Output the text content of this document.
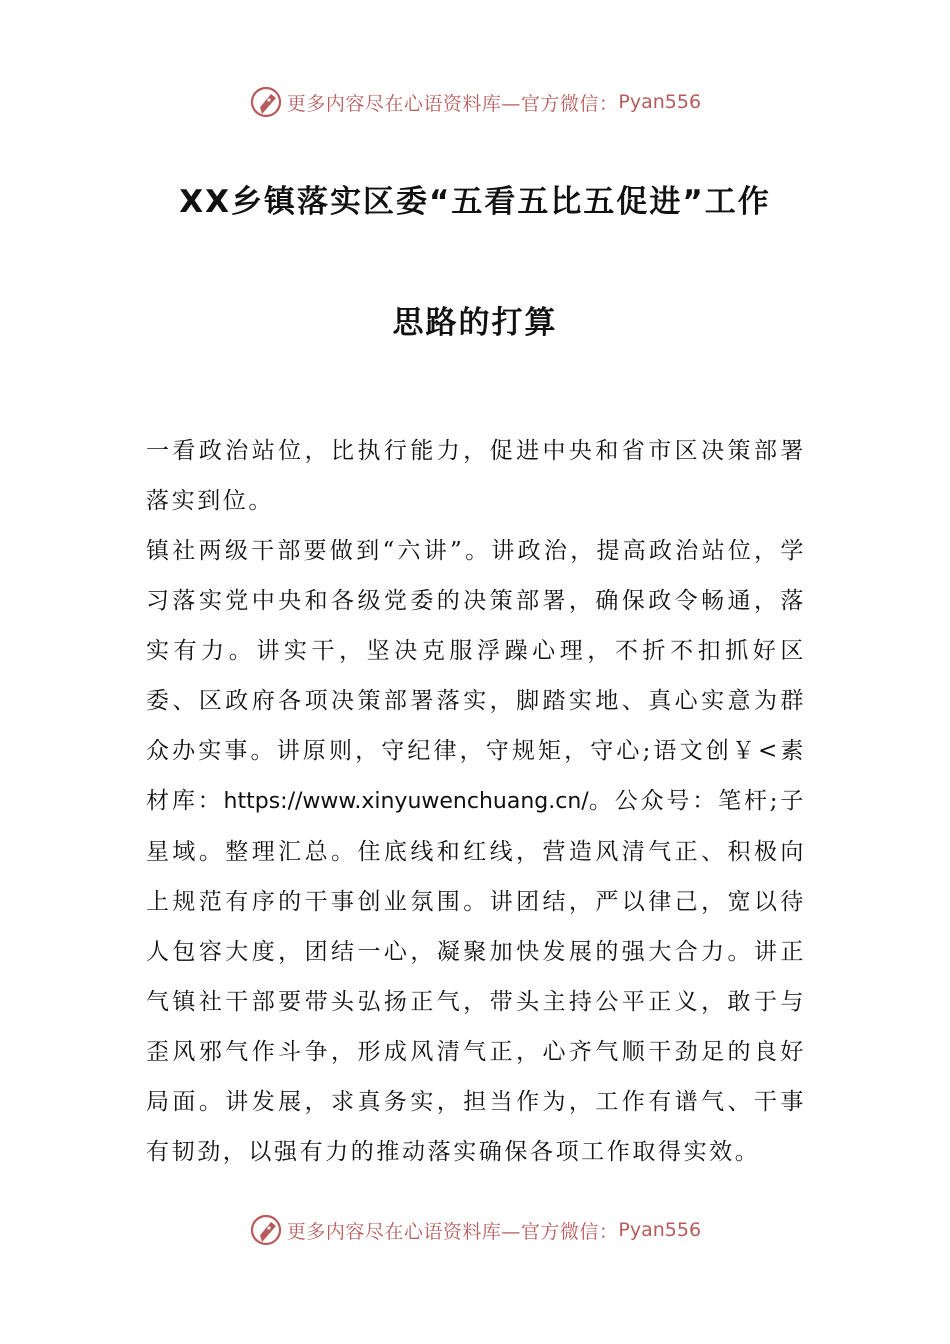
更多内容尽在心语资料库—官方微信： Pyan556
XX乡镇落实区委“五看五比五促进”工作
思路的打算

一看政治站位，比执行能力，促进中央和省市区决策部署落实到位。

镇社两级干部要做到“六讲”。讲政治，提高政治站位，学习落实党中央和各级党委的决策部署，确保政令畅通，落实有力。讲实干，坚决克服浮躁心理，不折不扣抓好区委、区政府各项决策部署落实，脚踏实地、真心实意为群众办实事。讲原则，守纪律，守规矩，守心;语文创￥<素材库：https://www.xinyuwenchuang.cn/。公众号：笔杆;子星域。整理汇总。住底线和红线，营造风清气正、积极向上规范有序的干事创业氛围。讲团结，严以律己，宽以待人包容大度，团结一心，凝聚加快发展的强大合力。讲正气镇社干部要带头弘扬正气，带头主持公平正义，敢于与歪风邪气作斗争，形成风清气正，心齐气顺干劲足的良好局面。讲发展，求真务实，担当作为，工作有谱气、干事有韧劲，以强有力的推动落实确保各项工作取得实效。

更多内容尽在心语资料库—官方微信： Pyan556
